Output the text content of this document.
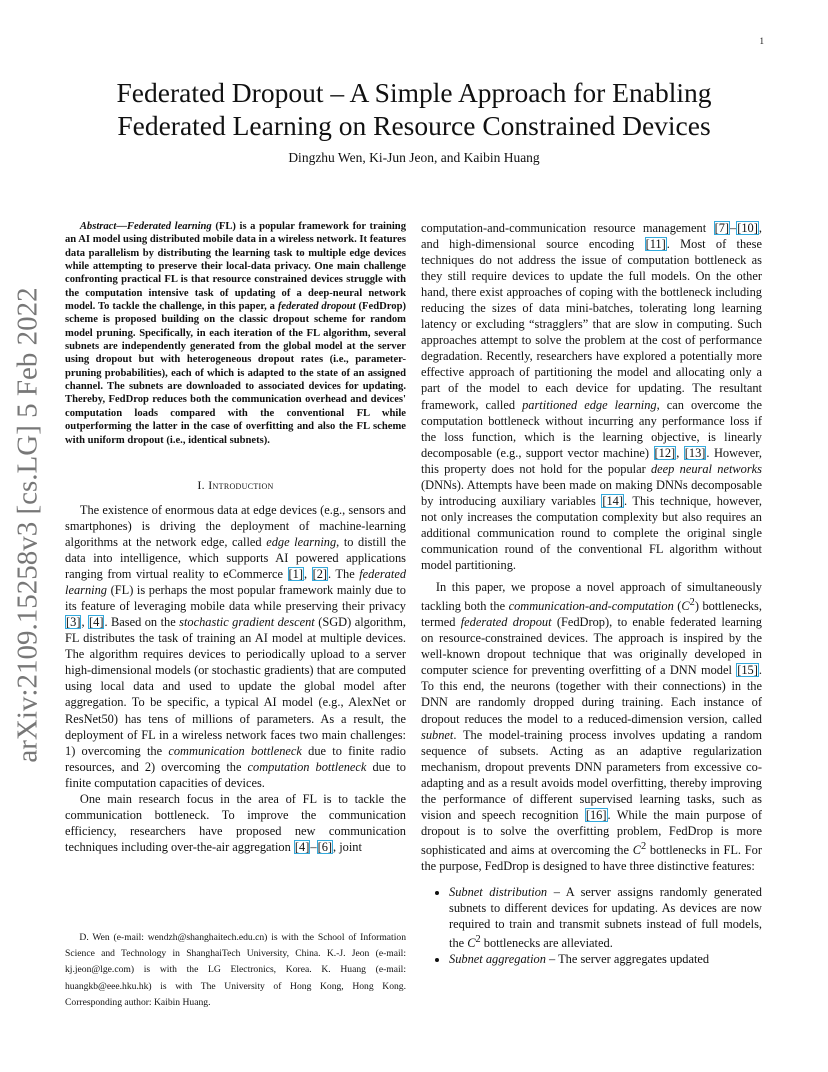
1
arXiv:2109.15258v3 [cs.LG] 5 Feb 2022
Federated Dropout – A Simple Approach for Enabling
Federated Learning on Resource Constrained Devices
Dingzhu Wen, Ki-Jun Jeon, and Kaibin Huang

Abstract—Federated learning (FL) is a popular framework for training an AI model using distributed mobile data in a wireless network. It features data parallelism by distributing the learning task to multiple edge devices while attempting to preserve their local-data privacy. One main challenge confronting practical FL is that resource constrained devices struggle with the computation intensive task of updating of a deep-neural network model. To tackle the challenge, in this paper, a federated dropout (FedDrop) scheme is proposed building on the classic dropout scheme for random model pruning. Specifically, in each iteration of the FL algorithm, several subnets are independently generated from the global model at the server using dropout but with heterogeneous dropout rates (i.e., parameter-pruning probabilities), each of which is adapted to the state of an assigned channel. The subnets are downloaded to associated devices for updating. Thereby, FedDrop reduces both the communication overhead and devices' computation loads compared with the conventional FL while outperforming the latter in the case of overfitting and also the FL scheme with uniform dropout (i.e., identical subnets).

I. Introduction

The existence of enormous data at edge devices (e.g., sensors and smartphones) is driving the deployment of machine-learning algorithms at the network edge, called edge learning, to distill the data into intelligence, which supports AI powered applications ranging from virtual reality to eCommerce [1], [2]. The federated learning (FL) is perhaps the most popular framework mainly due to its feature of leveraging mobile data while preserving their privacy [3], [4]. Based on the stochastic gradient descent (SGD) algorithm, FL distributes the task of training an AI model at multiple devices. The algorithm requires devices to periodically upload to a server high-dimensional models (or stochastic gradients) that are computed using local data and used to update the global model after aggregation. To be specific, a typical AI model (e.g., AlexNet or ResNet50) has tens of millions of parameters. As a result, the deployment of FL in a wireless network faces two main challenges: 1) overcoming the communication bottleneck due to finite radio resources, and 2) overcoming the computation bottleneck due to finite computation capacities of devices.

One main research focus in the area of FL is to tackle the communication bottleneck. To improve the communication efficiency, researchers have proposed new communication techniques including over-the-air aggregation [4]–[6], joint

D. Wen (e-mail: wendzh@shanghaitech.edu.cn) is with the School of Information Science and Technology in ShanghaiTech University, China. K.-J. Jeon (e-mail: kj.jeon@lge.com) is with the LG Electronics, Korea. K. Huang (e-mail: huangkb@eee.hku.hk) is with The University of Hong Kong, Hong Kong. Corresponding author: Kaibin Huang.

computation-and-communication resource management [7]–[10], and high-dimensional source encoding [11]. Most of these techniques do not address the issue of computation bottleneck as they still require devices to update the full models. On the other hand, there exist approaches of coping with the bottleneck including reducing the sizes of data mini-batches, tolerating long learning latency or excluding “stragglers” that are slow in computing. Such approaches attempt to solve the problem at the cost of performance degradation. Recently, researchers have explored a potentially more effective approach of partitioning the model and allocating only a part of the model to each device for updating. The resultant framework, called partitioned edge learning, can overcome the computation bottleneck without incurring any performance loss if the loss function, which is the learning objective, is linearly decomposable (e.g., support vector machine) [12], [13]. However, this property does not hold for the popular deep neural networks (DNNs). Attempts have been made on making DNNs decomposable by introducing auxiliary variables [14]. This technique, however, not only increases the computation complexity but also requires an additional communication round to complete the original single communication round of the conventional FL algorithm without model partitioning.

In this paper, we propose a novel approach of simultaneously tackling both the communication-and-computation $(C^2)$ bottlenecks, termed federated dropout (FedDrop), to enable federated learning on resource-constrained devices. The approach is inspired by the well-known dropout technique that was originally developed in computer science for preventing overfitting of a DNN model [15]. To this end, the neurons (together with their connections) in the DNN are randomly dropped during training. Each instance of dropout reduces the model to a reduced-dimension version, called subnet. The model-training process involves updating a random sequence of subsets. Acting as an adaptive regularization mechanism, dropout prevents DNN parameters from excessive co-adapting and as a result avoids model overfitting, thereby improving the performance of different supervised learning tasks, such as vision and speech recognition [16]. While the main purpose of dropout is to solve the overfitting problem, FedDrop is more sophisticated and aims at overcoming the $C^2$ bottlenecks in FL. For the purpose, FedDrop is designed to have three distinctive features:

• Subnet distribution – A server assigns randomly generated subnets to different devices for updating. As devices are now required to train and transmit subnets instead of full models, the $C^2$ bottlenecks are alleviated.
• Subnet aggregation – The server aggregates updated
